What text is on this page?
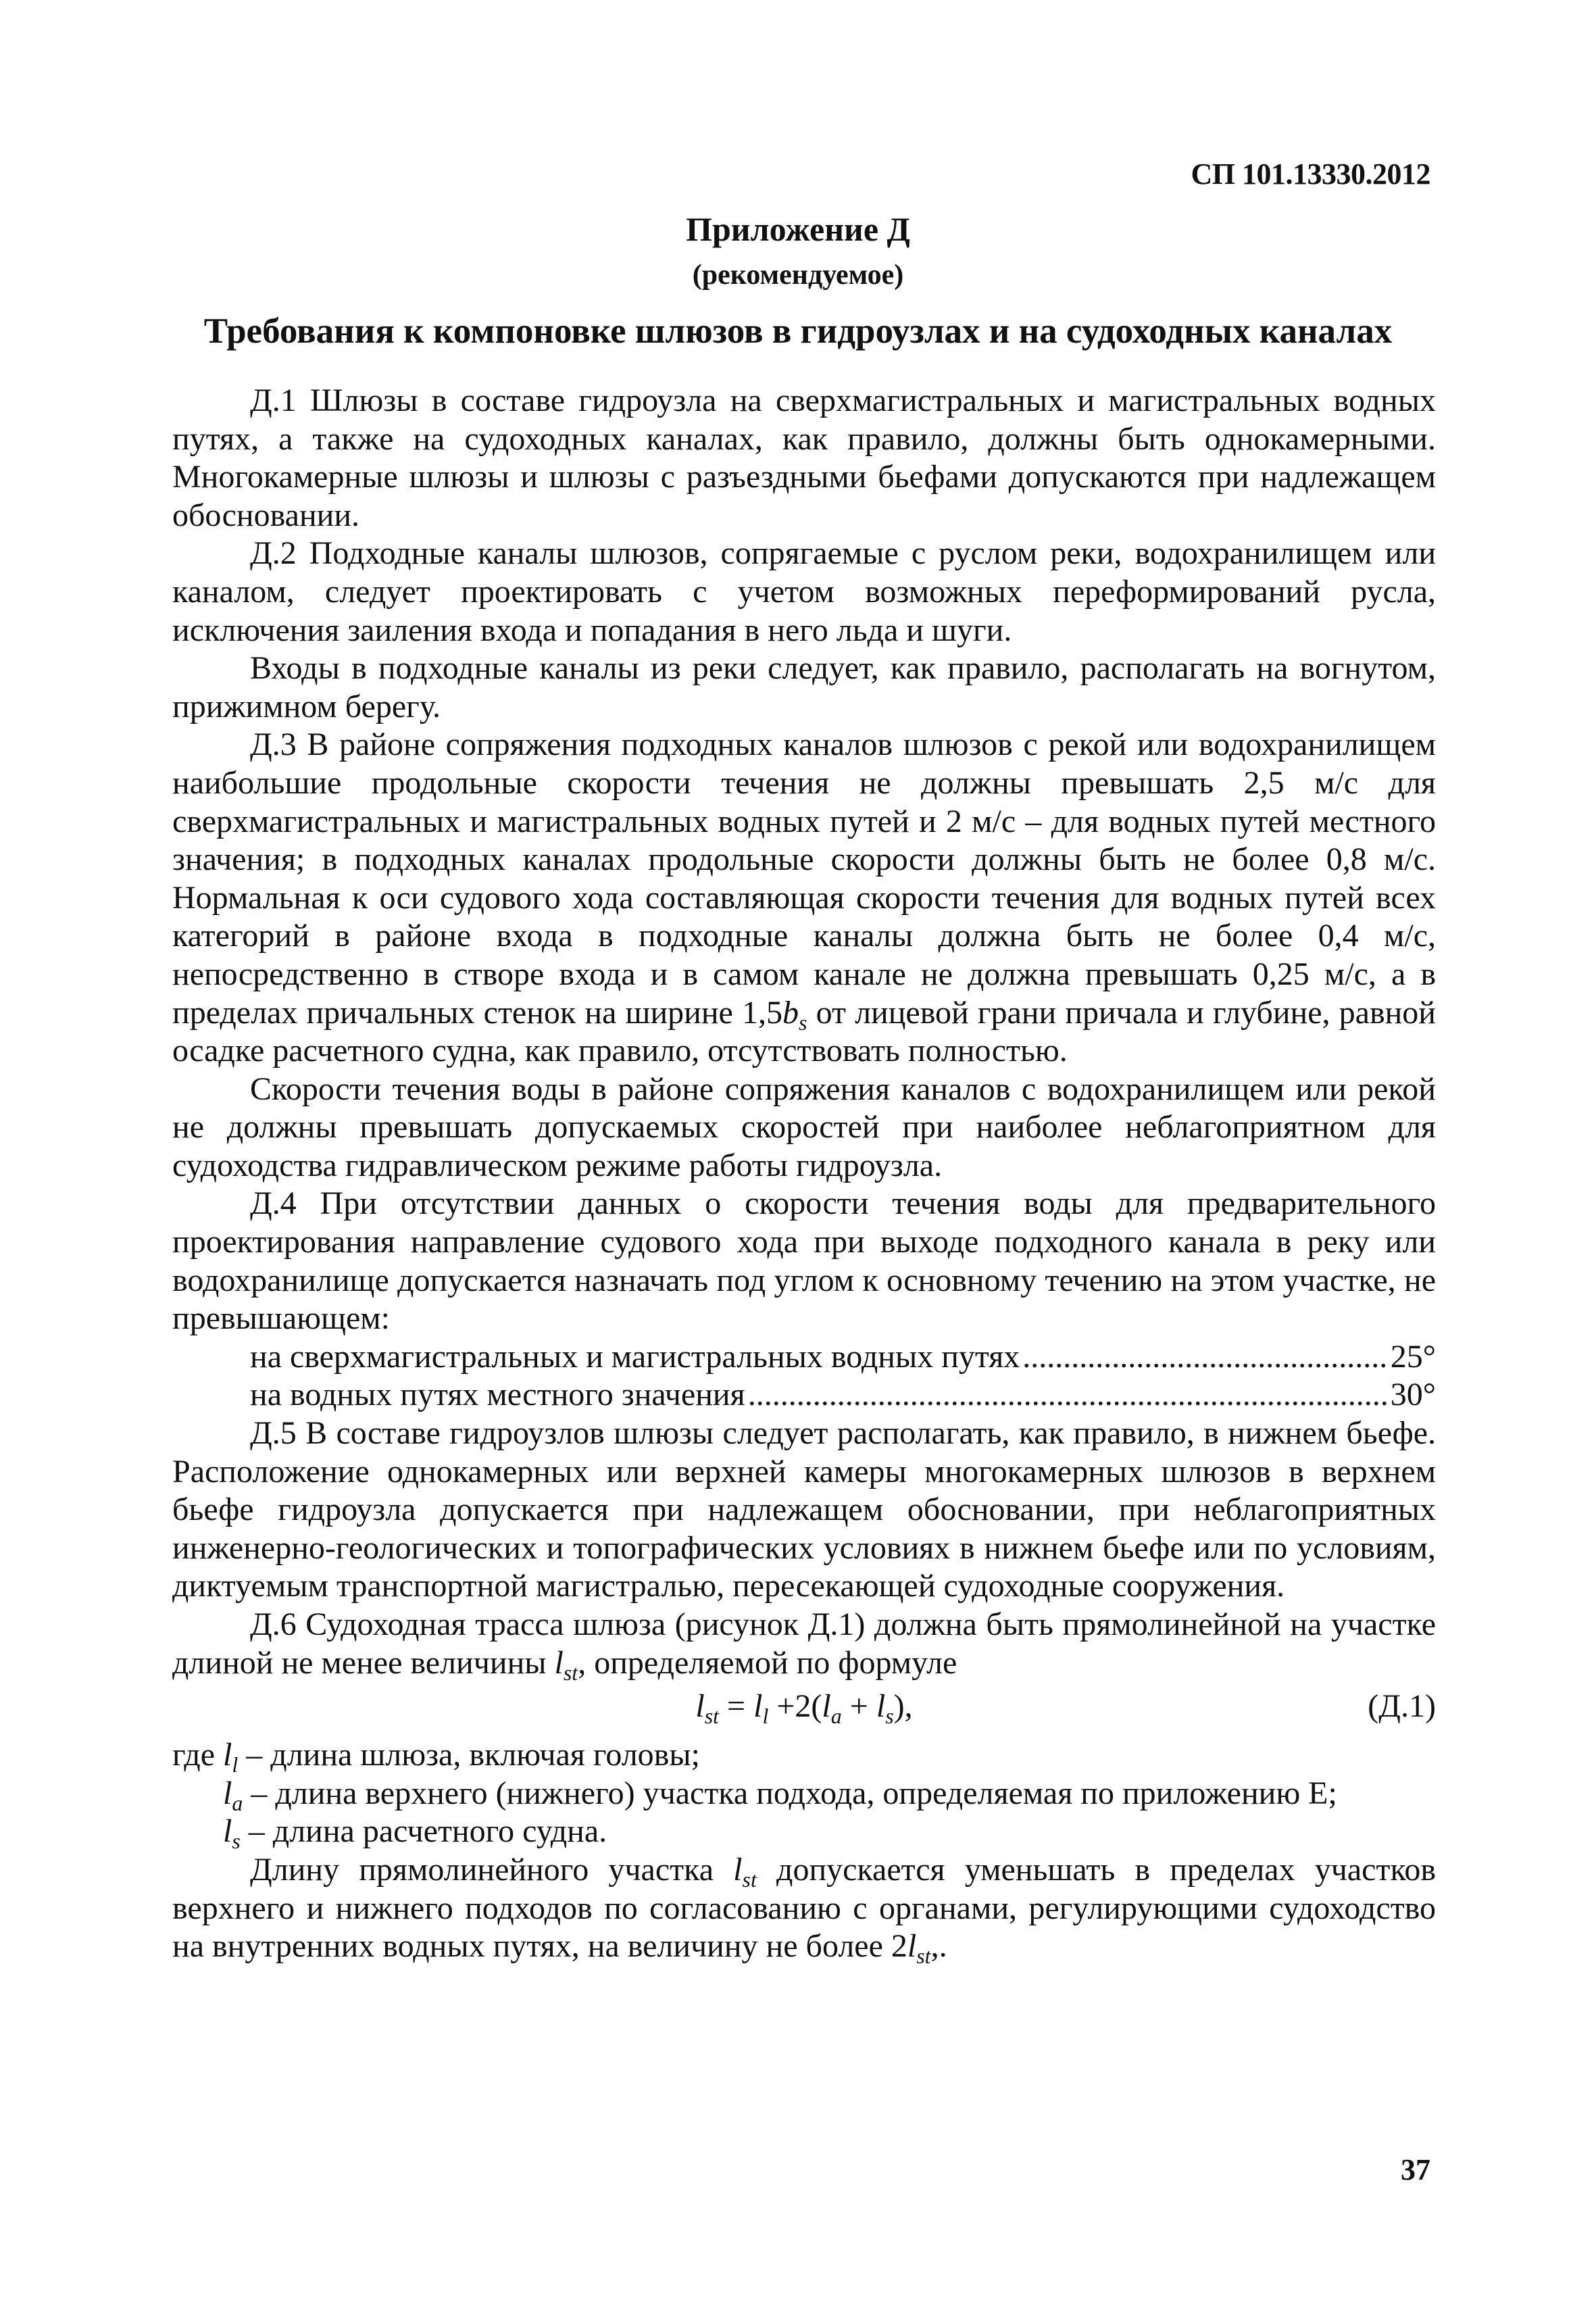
СП 101.13330.2012
Приложение Д
(рекомендуемое)
Требования к компоновке шлюзов в гидроузлах и на судоходных каналах

Д.1 Шлюзы в составе гидроузла на сверхмагистральных и магистральных водных путях, а также на судоходных каналах, как правило, должны быть однокамерными. Многокамерные шлюзы и шлюзы с разъездными бьефами допускаются при надлежащем обосновании.

Д.2 Подходные каналы шлюзов, сопрягаемые с руслом реки, водохранилищем или каналом, следует проектировать с учетом возможных переформирований русла, исключения заиления входа и попадания в него льда и шуги.

Входы в подходные каналы из реки следует, как правило, располагать на вогнутом, прижимном берегу.

Д.3 В районе сопряжения подходных каналов шлюзов с рекой или водохранилищем наибольшие продольные скорости течения не должны превышать 2,5 м/с для сверхмагистральных и магистральных водных путей и 2 м/с – для водных путей местного значения; в подходных каналах продольные скорости должны быть не более 0,8 м/с. Нормальная к оси судового хода составляющая скорости течения для водных путей всех категорий в районе входа в подходные каналы должна быть не более 0,4 м/с, непосредственно в створе входа и в самом канале не должна превышать 0,25 м/с, а в пределах причальных стенок на ширине $1,5b_s$ от лицевой грани причала и глубине, равной осадке расчетного судна, как правило, отсутствовать полностью.

Скорости течения воды в районе сопряжения каналов с водохранилищем или рекой не должны превышать допускаемых скоростей при наиболее неблагоприятном для судоходства гидравлическом режиме работы гидроузла.

Д.4 При отсутствии данных о скорости течения воды для предварительного проектирования направление судового хода при выходе подходного канала в реку или водохранилище допускается назначать под углом к основному течению на этом участке, не превышающем:

на сверхмагистральных и магистральных водных путях .....	25°
на водных путях местного значения .....	30°

Д.5 В составе гидроузлов шлюзы следует располагать, как правило, в нижнем бьефе. Расположение однокамерных или верхней камеры многокамерных шлюзов в верхнем бьефе гидроузла допускается при надлежащем обосновании, при неблагоприятных инженерно-геологических и топографических условиях в нижнем бьефе или по условиям, диктуемым транспортной магистралью, пересекающей судоходные сооружения.

Д.6 Судоходная трасса шлюза (рисунок Д.1) должна быть прямолинейной на участке длиной не менее величины $l_{st}$, определяемой по формуле

$l_{st} = l_l +2(l_a + l_s)$,	(Д.1)
где $l_l$ – длина шлюза, включая головы;
$l_a$ – длина верхнего (нижнего) участка подхода, определяемая по приложению Е;
$l_s$ – длина расчетного судна.

Длину прямолинейного участка $l_{st}$ допускается уменьшать в пределах участков верхнего и нижнего подходов по согласованию с органами, регулирующими судоходство на внутренних водных путях, на величину не более $2l_{st}$,.

37
